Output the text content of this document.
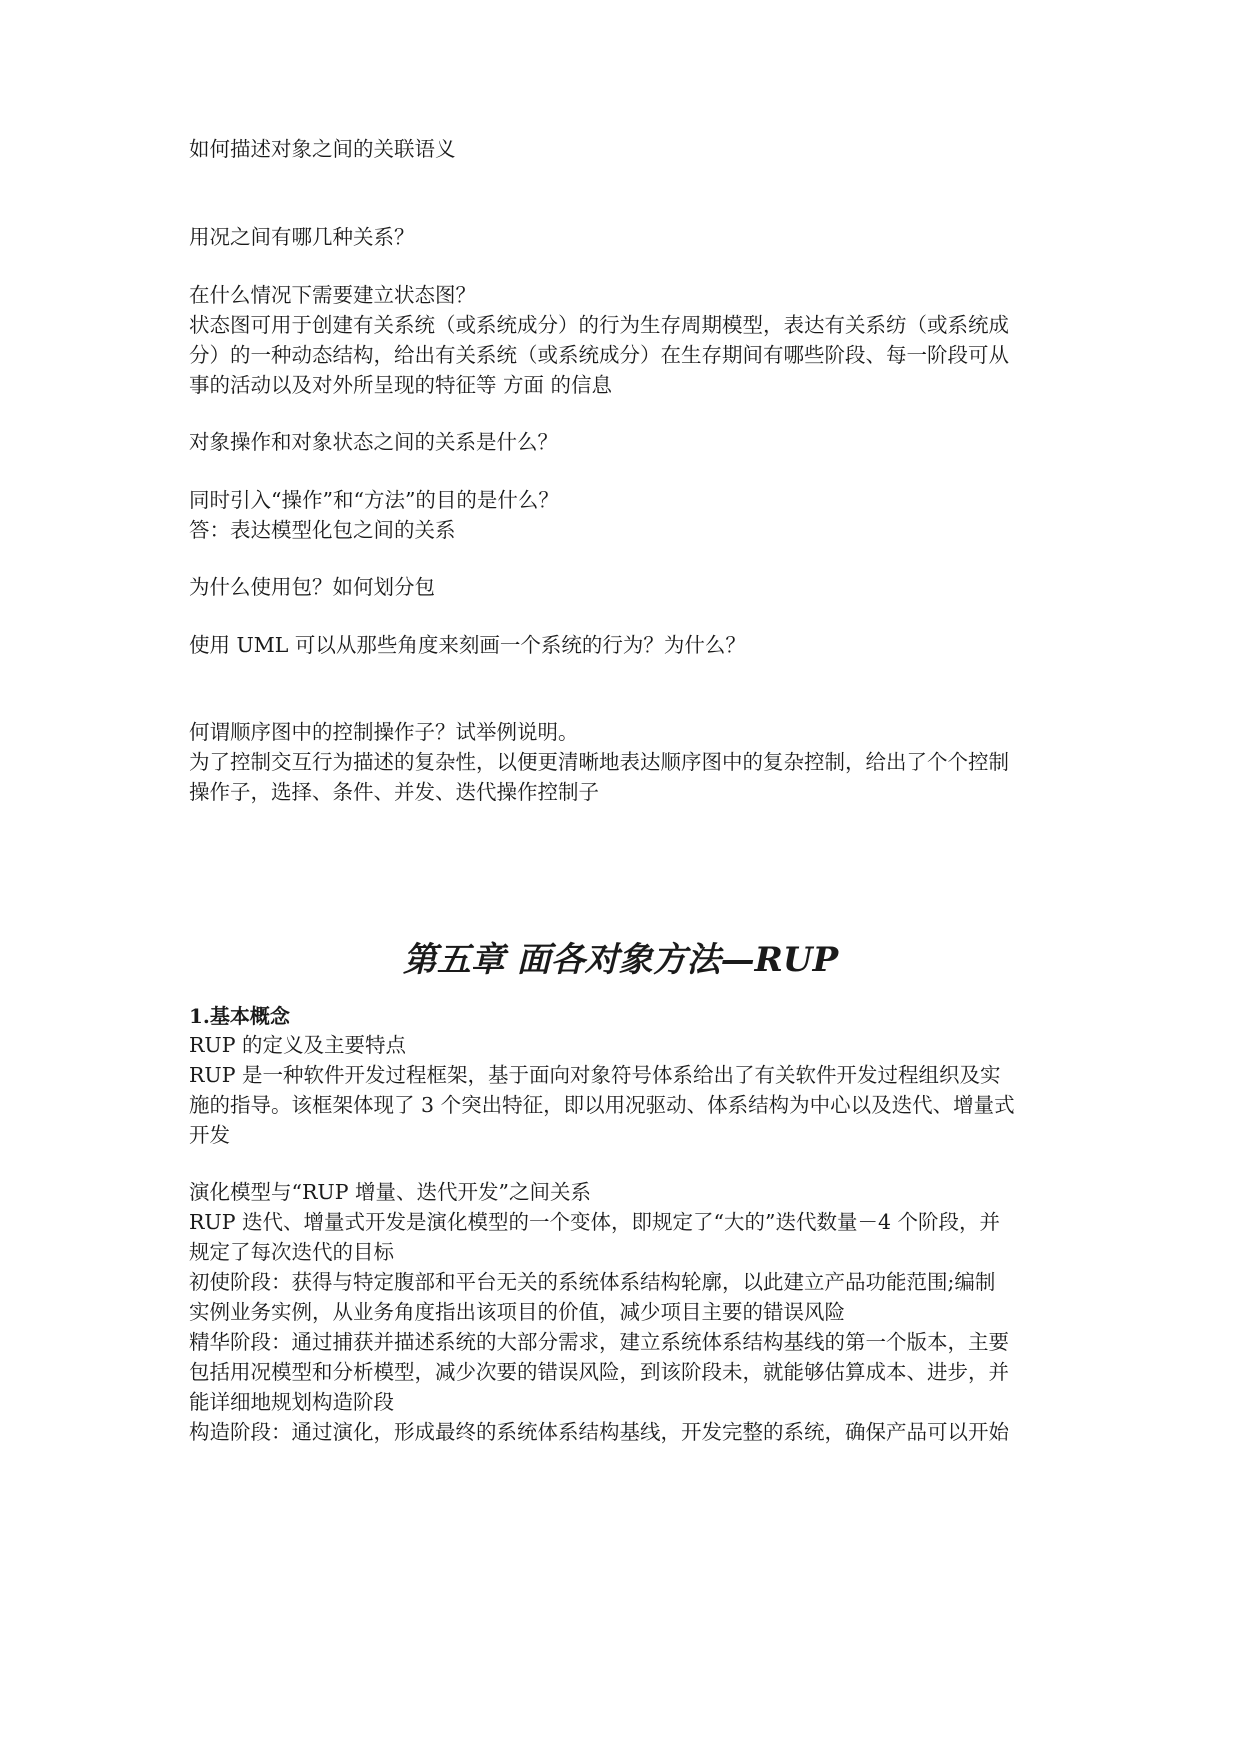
如何描述对象之间的关联语义
用况之间有哪几种关系？
在什么情况下需要建立状态图？
状态图可用于创建有关系统（或系统成分）的行为生存周期模型，表达有关系纺（或系统成
分）的一种动态结构，给出有关系统（或系统成分）在生存期间有哪些阶段、每一阶段可从
事的活动以及对外所呈现的特征等 方面 的信息
对象操作和对象状态之间的关系是什么？
同时引入“操作”和“方法”的目的是什么？
答：表达模型化包之间的关系
为什么使用包？如何划分包
使用 UML 可以从那些角度来刻画一个系统的行为？为什么？
何谓顺序图中的控制操作子？试举例说明。
为了控制交互行为描述的复杂性，以便更清晰地表达顺序图中的复杂控制，给出了个个控制
操作子，选择、条件、并发、迭代操作控制子
第五章 面各对象方法—RUP
1.基本概念
RUP 的定义及主要特点
RUP 是一种软件开发过程框架，基于面向对象符号体系给出了有关软件开发过程组织及实
施的指导。该框架体现了 3 个突出特征，即以用况驱动、体系结构为中心以及迭代、增量式
开发
演化模型与“RUP 增量、迭代开发”之间关系
RUP 迭代、增量式开发是演化模型的一个变体，即规定了“大的”迭代数量－4 个阶段，并
规定了每次迭代的目标
初使阶段：获得与特定腹部和平台无关的系统体系结构轮廓，以此建立产品功能范围;编制
实例业务实例，从业务角度指出该项目的价值，减少项目主要的错误风险
精华阶段：通过捕获并描述系统的大部分需求，建立系统体系结构基线的第一个版本，主要
包括用况模型和分析模型，减少次要的错误风险，到该阶段未，就能够估算成本、进步，并
能详细地规划构造阶段
构造阶段：通过演化，形成最终的系统体系结构基线，开发完整的系统，确保产品可以开始
